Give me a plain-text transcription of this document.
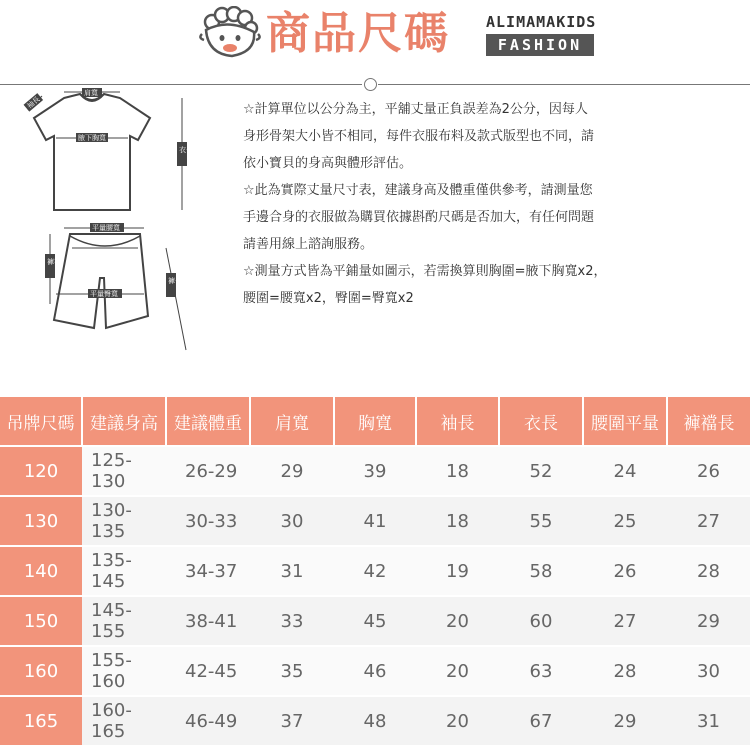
商品尺碼 ALIMAMAKIDS
FASHION
肩寬
袖長
腋下胸寬
衣長
平量腰寬
褲襠
平量臀寬
褲長

☆計算單位以公分為主，平舖丈量正負誤差為2公分，因每人

身形骨架大小皆不相同，每件衣服布料及款式版型也不同，請

依小寶貝的身高與體形評估。

☆此為實際丈量尺寸表，建議身高及體重僅供參考，請測量您

手邊合身的衣服做為購買依據斟酌尺碼是否加大，有任何問題

請善用線上諮詢服務。

☆測量方式皆為平鋪量如圖示，若需換算則胸圍=腋下胸寬x2，

腰圍=腰寬x2，臀圍=臀寬x2

吊牌尺碼	建議身高	建議體重	肩寬	胸寬	袖長	衣長	腰圍平量	褲襠長
120	125-130	26-29	29	39	18	52	24	26
130	130-135	30-33	30	41	18	55	25	27
140	135-145	34-37	31	42	19	58	26	28
150	145-155	38-41	33	45	20	60	27	29
160	155-160	42-45	35	46	20	63	28	30
165	160-165	46-49	37	48	20	67	29	31
